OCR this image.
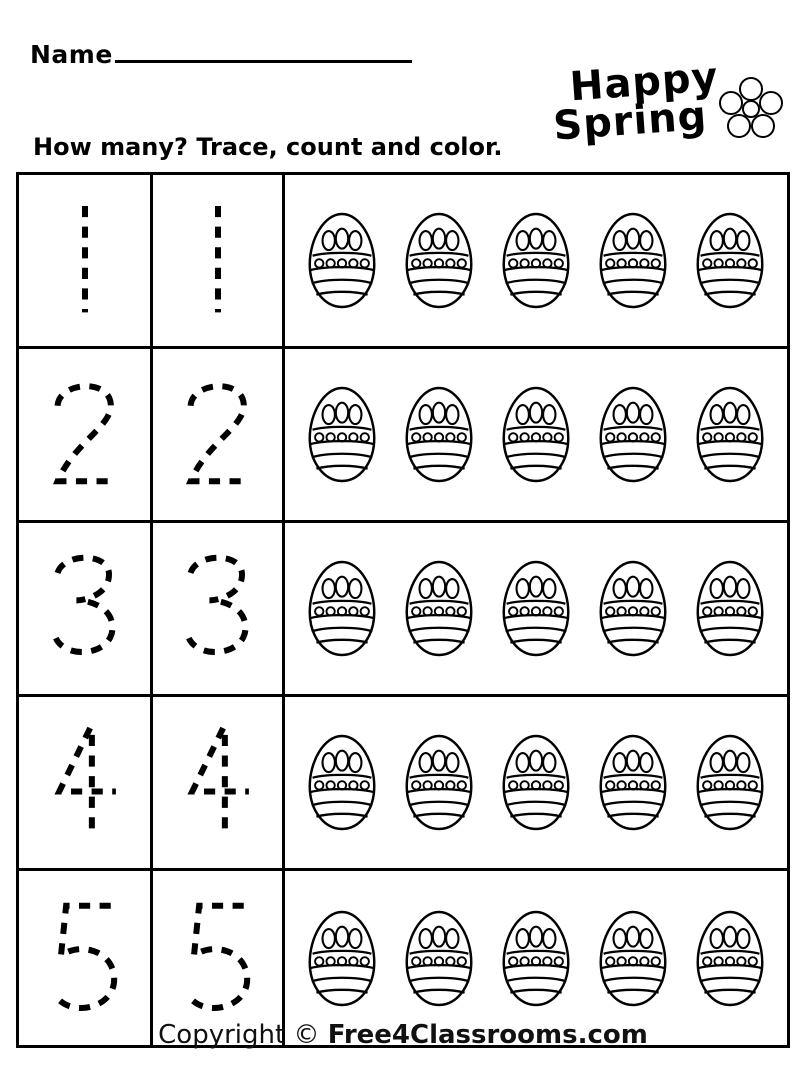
Name
How many? Trace, count and color.
Happy
Spring
Copyright © Free4Classrooms.com
